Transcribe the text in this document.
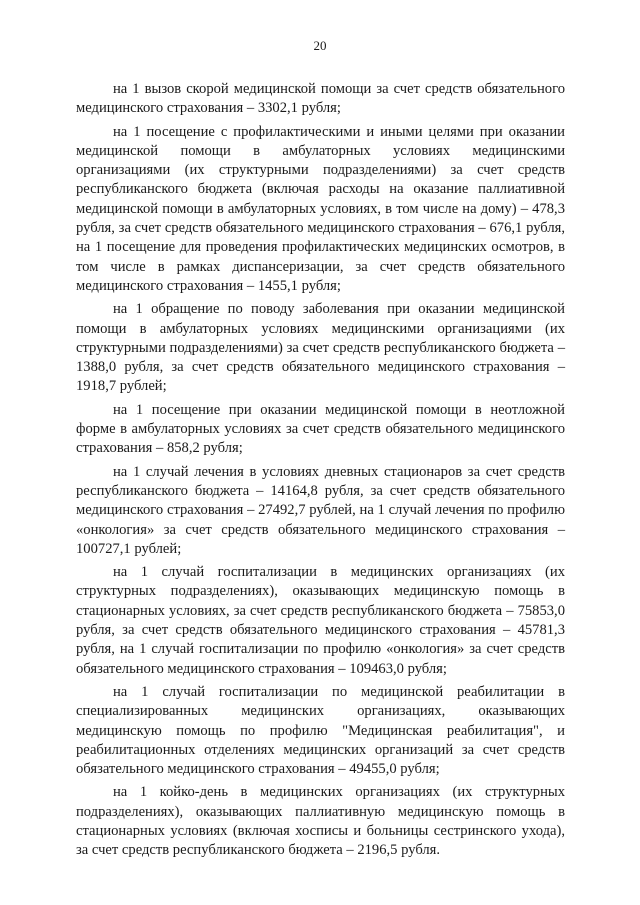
20

на 1 вызов скорой медицинской помощи за счет средств обязательного медицинского страхования – 3302,1 рубля;

на 1 посещение с профилактическими и иными целями при оказании медицинской помощи в амбулаторных условиях медицинскими организациями (их структурными подразделениями) за счет средств республиканского бюджета (включая расходы на оказание паллиативной медицинской помощи в амбулаторных условиях, в том числе на дому) – 478,3 рубля, за счет средств обязательного медицинского страхования – 676,1 рубля, на 1 посещение для проведения профилактических медицинских осмотров, в том числе в рамках диспансеризации, за счет средств обязательного медицинского страхования – 1455,1 рубля;

на 1 обращение по поводу заболевания при оказании медицинской помощи в амбулаторных условиях медицинскими организациями (их структурными подразделениями) за счет средств республиканского бюджета – 1388,0 рубля, за счет средств обязательного медицинского страхования – 1918,7 рублей;

на 1 посещение при оказании медицинской помощи в неотложной форме в амбулаторных условиях за счет средств обязательного медицинского страхования – 858,2 рубля;

на 1 случай лечения в условиях дневных стационаров за счет средств республиканского бюджета – 14164,8 рубля, за счет средств обязательного медицинского страхования – 27492,7 рублей, на 1 случай лечения по профилю «онкология» за счет средств обязательного медицинского страхования – 100727,1 рублей;

на 1 случай госпитализации в медицинских организациях (их структурных подразделениях), оказывающих медицинскую помощь в стационарных условиях, за счет средств республиканского бюджета – 75853,0 рубля, за счет средств обязательного медицинского страхования – 45781,3 рубля, на 1 случай госпитализации по профилю «онкология» за счет средств обязательного медицинского страхования – 109463,0 рубля;

на 1 случай госпитализации по медицинской реабилитации в специализированных медицинских организациях, оказывающих медицинскую помощь по профилю "Медицинская реабилитация", и реабилитационных отделениях медицинских организаций за счет средств обязательного медицинского страхования – 49455,0 рубля;

на 1 койко-день в медицинских организациях (их структурных подразделениях), оказывающих паллиативную медицинскую помощь в стационарных условиях (включая хосписы и больницы сестринского ухода), за счет средств республиканского бюджета – 2196,5 рубля.
